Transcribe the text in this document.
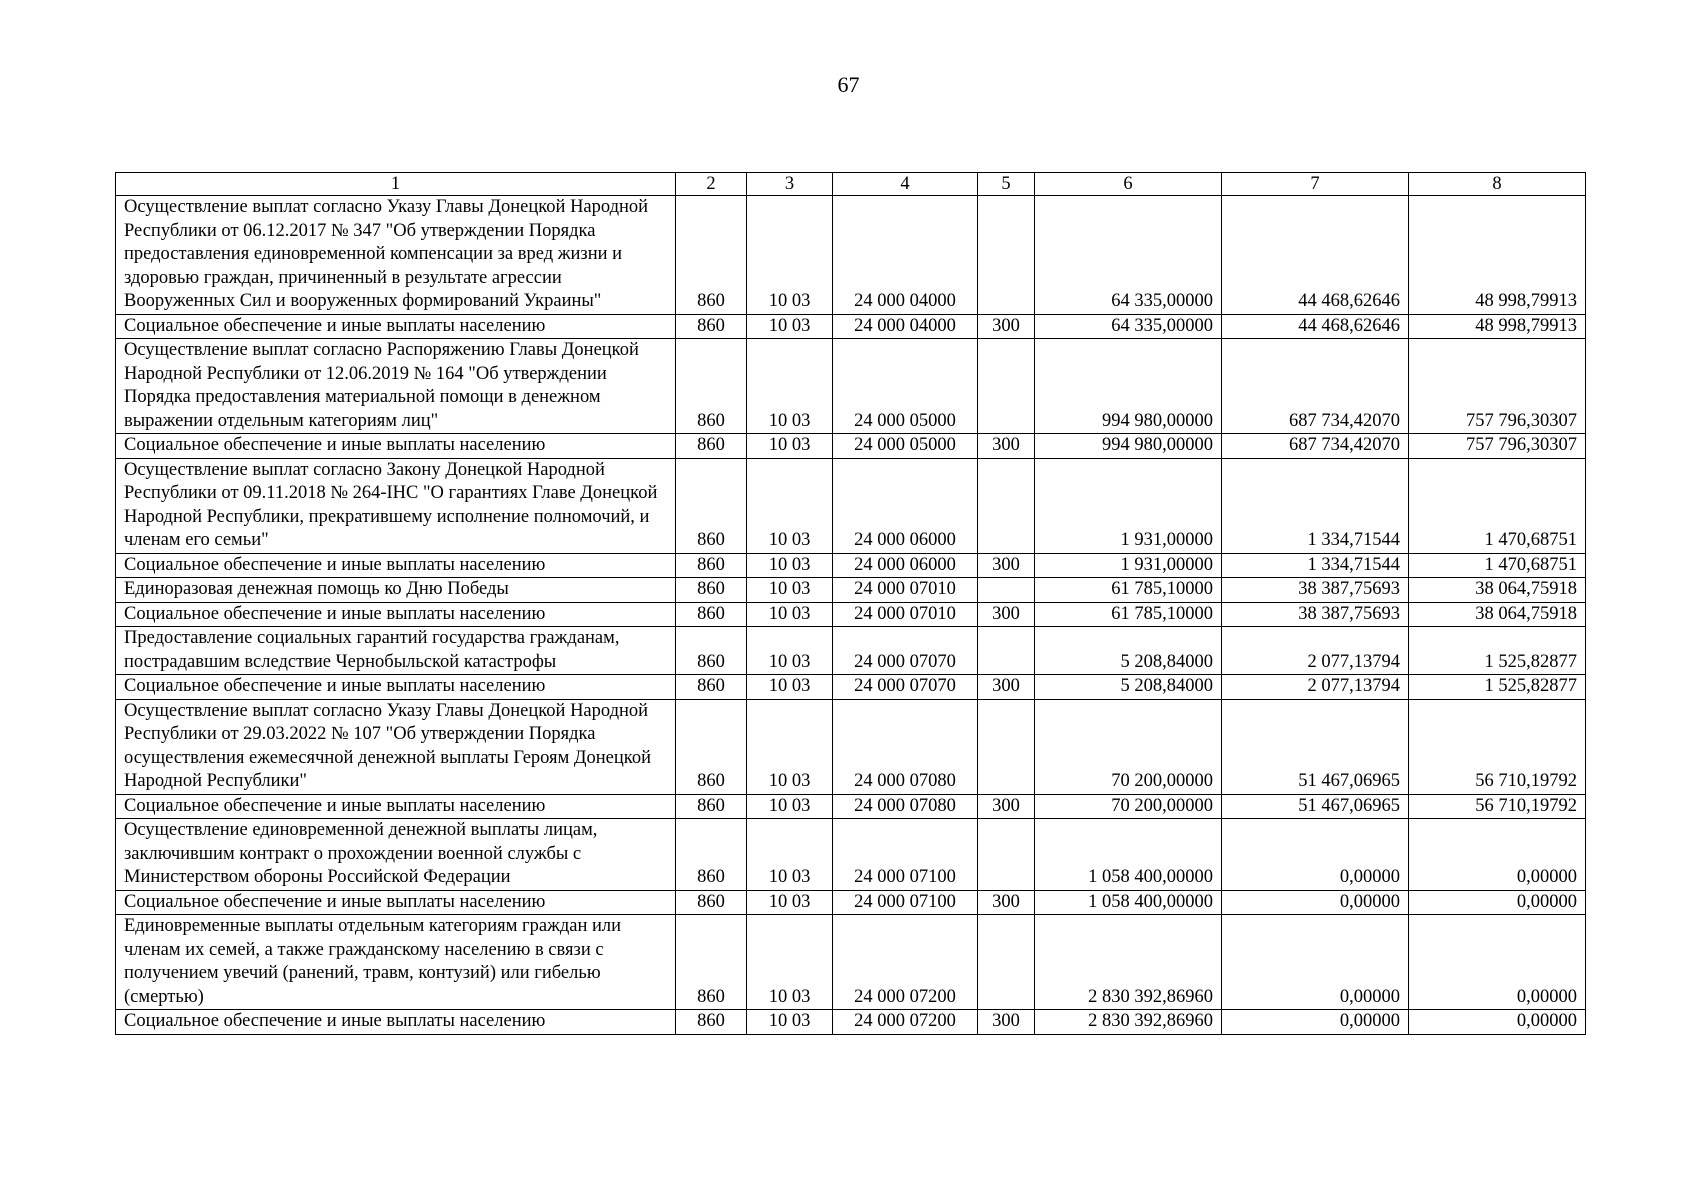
67
1	2	3	4	5	6	7	8
Осуществление выплат согласно Указу Главы Донецкой Народной Республики от 06.12.2017 № 347 "Об утверждении Порядка предоставления единовременной компенсации за вред жизни и здоровью граждан, причиненный в результате агрессии Вооруженных Сил и вооруженных формирований Украины"	860	10 03	24 000 04000		64 335,00000	44 468,62646	48 998,79913
Социальное обеспечение и иные выплаты населению	860	10 03	24 000 04000	300	64 335,00000	44 468,62646	48 998,79913
Осуществление выплат согласно Распоряжению Главы Донецкой Народной Республики от 12.06.2019 № 164 "Об утверждении Порядка предоставления материальной помощи в денежном выражении отдельным категориям лиц"	860	10 03	24 000 05000		994 980,00000	687 734,42070	757 796,30307
Социальное обеспечение и иные выплаты населению	860	10 03	24 000 05000	300	994 980,00000	687 734,42070	757 796,30307
Осуществление выплат согласно Закону Донецкой Народной Республики от 09.11.2018 № 264-IНС "О гарантиях Главе Донецкой Народной Республики, прекратившему исполнение полномочий, и членам его семьи"	860	10 03	24 000 06000		1 931,00000	1 334,71544	1 470,68751
Социальное обеспечение и иные выплаты населению	860	10 03	24 000 06000	300	1 931,00000	1 334,71544	1 470,68751
Единоразовая денежная помощь ко Дню Победы	860	10 03	24 000 07010		61 785,10000	38 387,75693	38 064,75918
Социальное обеспечение и иные выплаты населению	860	10 03	24 000 07010	300	61 785,10000	38 387,75693	38 064,75918
Предоставление социальных гарантий государства гражданам, пострадавшим вследствие Чернобыльской катастрофы	860	10 03	24 000 07070		5 208,84000	2 077,13794	1 525,82877
Социальное обеспечение и иные выплаты населению	860	10 03	24 000 07070	300	5 208,84000	2 077,13794	1 525,82877
Осуществление выплат согласно Указу Главы Донецкой Народной Республики от 29.03.2022 № 107 "Об утверждении Порядка осуществления ежемесячной денежной выплаты Героям Донецкой Народной Республики"	860	10 03	24 000 07080		70 200,00000	51 467,06965	56 710,19792
Социальное обеспечение и иные выплаты населению	860	10 03	24 000 07080	300	70 200,00000	51 467,06965	56 710,19792
Осуществление единовременной денежной выплаты лицам, заключившим контракт о прохождении военной службы с Министерством обороны Российской Федерации	860	10 03	24 000 07100		1 058 400,00000	0,00000	0,00000
Социальное обеспечение и иные выплаты населению	860	10 03	24 000 07100	300	1 058 400,00000	0,00000	0,00000
Единовременные выплаты отдельным категориям граждан или членам их семей, а также гражданскому населению в связи с получением увечий (ранений, травм, контузий) или гибелью (смертью)	860	10 03	24 000 07200		2 830 392,86960	0,00000	0,00000
Социальное обеспечение и иные выплаты населению	860	10 03	24 000 07200	300	2 830 392,86960	0,00000	0,00000
